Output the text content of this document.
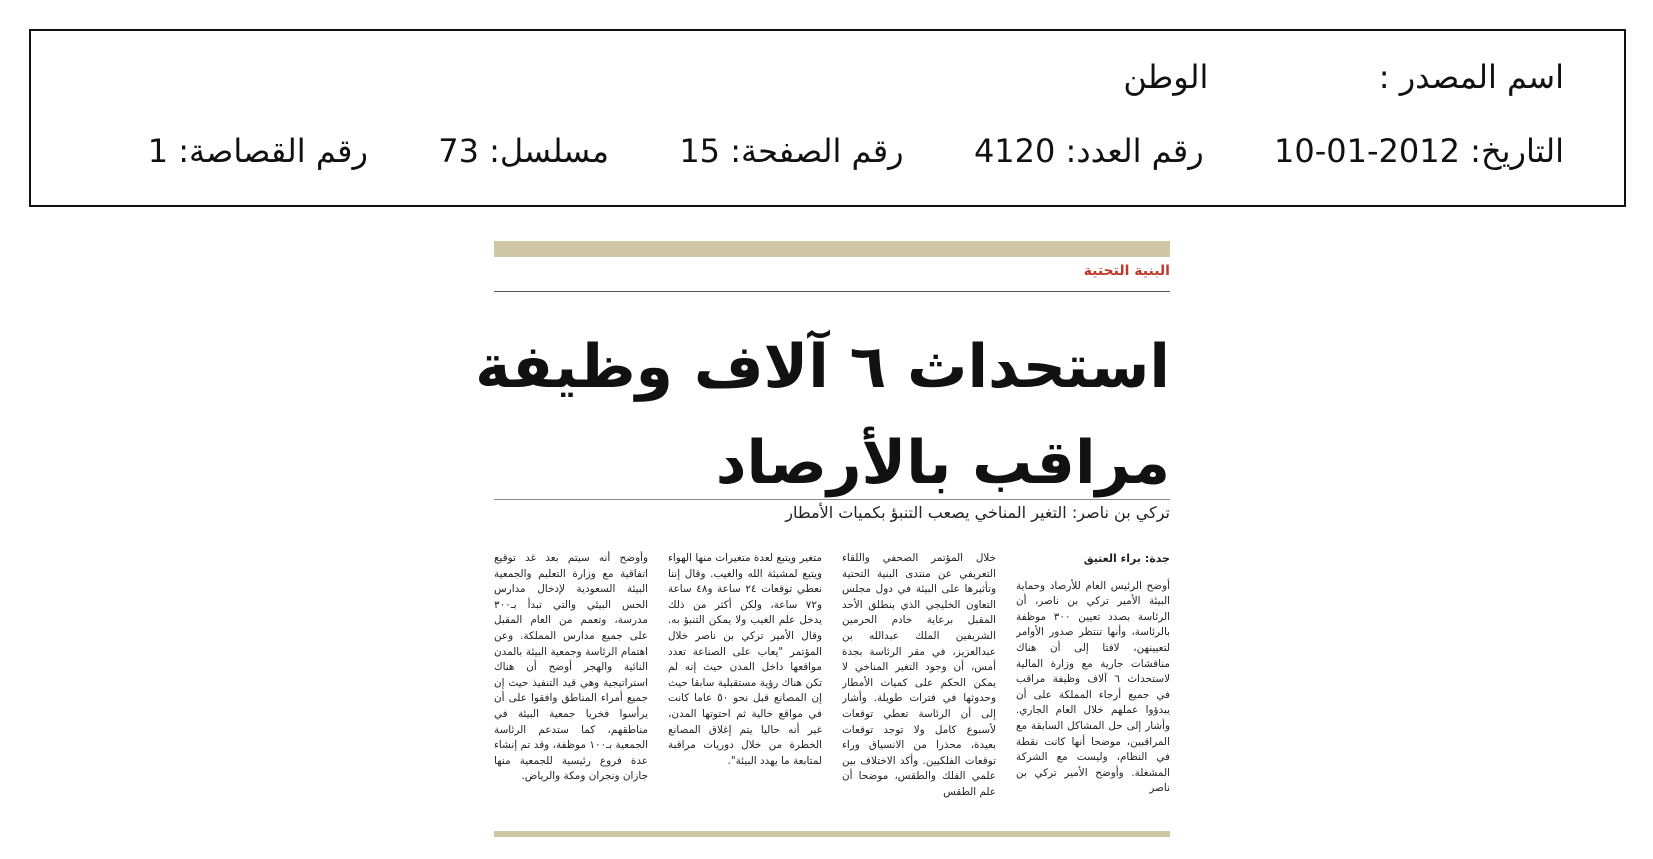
اسم المصدر :  الوطن
التاريخ: 2012-01-10  رقم العدد: 4120  رقم الصفحة: 15  مسلسل: 73  رقم القصاصة: 1
البنية التحتية
استحداث ٦ آلاف وظيفة
مراقب بالأرصاد
تركي بن ناصر: التغير المناخي يصعب التنبؤ بكميات الأمطار

جدة: براء العتيق

أوضح الرئيس العام للأرصاد وحماية البيئة الأمير تركي بن ناصر، أن الرئاسة بصدد تعيين ٣٠٠ موظفة بالرئاسة، وأنها تنتظر صدور الأوامر لتعيينهن، لافتا إلى أن هناك مناقشات جارية مع وزارة المالية لاستحداث ٦ آلاف وظيفة مراقب في جميع أرجاء المملكة على أن يبدؤوا عملهم خلال العام الجاري. وأشار إلى حل المشاكل السابقة مع المراقبين، موضحا أنها كانت نقطة في النظام، وليست مع الشركة المشغلة. وأوضح الأمير تركي بن ناصر

خلال المؤتمر الصحفي واللقاء التعريفي عن منتدى البنية التحتية وتأثيرها على البيئة في دول مجلس التعاون الخليجي الذي ينطلق الأحد المقبل برعاية خادم الحرمين الشريفين الملك عبدالله بن عبدالعزيز، في مقر الرئاسة بجدة أمس، أن وجود التغير المناخي لا يمكن الحكم على كميات الأمطار وحدوثها في فترات طويلة. وأشار إلى أن الرئاسة تعطي توقعات لأسبوع كامل ولا توجد توقعات بعيدة، محذرا من الانسياق وراء توقعات الفلكيين. وأكد الاختلاف بين علمي الفلك والطقس، موضحا أن علم الطقس

متغير ويتبع لعدة متغيرات منها الهواء ويتبع لمشيئة الله والغيب. وقال إننا نعطي توقعات ٢٤ ساعة و٤٨ ساعة و٧٢ ساعة، ولكن أكثر من ذلك يدخل علم الغيب ولا يمكن التنبؤ به. وقال الأمير تركي بن ناصر خلال المؤتمر "يعاب على الصناعة تعدد مواقعها داخل المدن حيث إنه لم تكن هناك رؤية مستقبلية سابقا حيث إن المصانع قبل نحو ٥٠ عاما كانت في مواقع خالية ثم احتوتها المدن، غير أنه حاليا يتم إغلاق المصانع الخطرة من خلال دوريات مراقبة لمتابعة ما يهدد البيئة".

وأوضح أنه سيتم بعد غد توقيع اتفاقية مع وزارة التعليم والجمعية البيئة السعودية لإدخال مدارس الحس البيئي والتي تبدأ بـ٣٠٠ مدرسة، وتعمم من العام المقبل على جميع مدارس المملكة. وعن اهتمام الرئاسة وجمعية البيئة بالمدن النائية والهجر أوضح أن هناك استراتيجية وهي قيد التنفيذ حيث إن جميع أمراء المناطق وافقوا على أن يرأسوا فخريا جمعية البيئة في مناطقهم، كما ستدعم الرئاسة الجمعية بـ١٠٠ موظفة، وقد تم إنشاء عدة فروع رئيسية للجمعية منها جازان ونجران ومكة والرياض.
